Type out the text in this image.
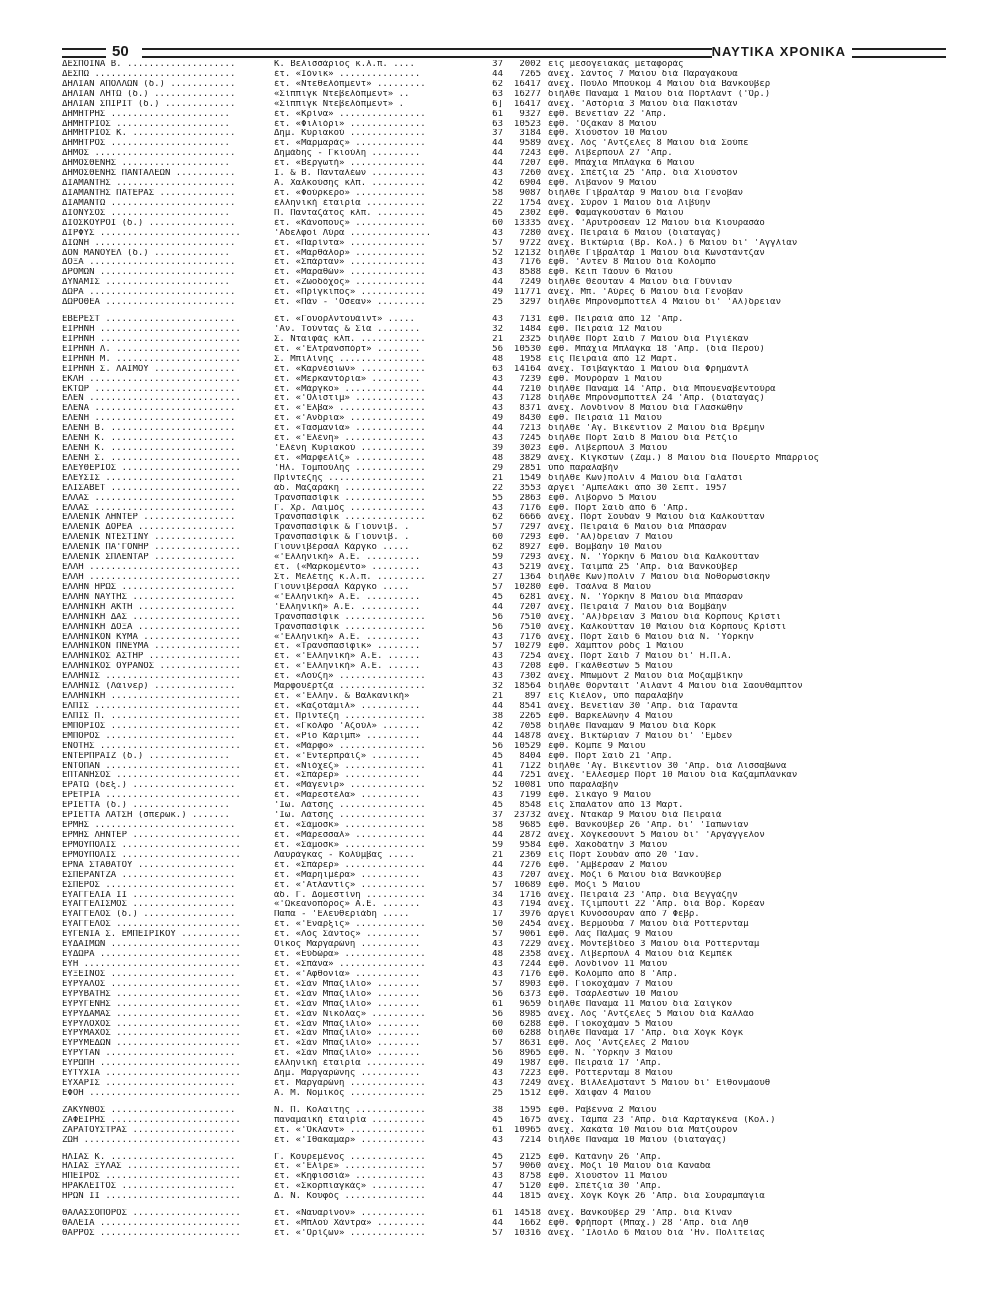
50	ΝΑΥΤΙΚΑ ΧΡΟΝΙΚΑ
ΔΕΣΠΟΙΝΑ Β. ....................	Κ. Βελισσάριος κ.λ.π. ....	37	2002 εἰς μεσογειακάς μεταφοράς
ΔΕΣΠΩ ..........................	ἑτ. «Ἰόνικ» ...............	44	7265 ἀνεχ. Σάντος 7 Μαΐου διά Παραγάκουα
ΔΗΛΙΑΝ ΑΠΟΛΛΩΝ (δ.) ............	ἑτ. «Ντεθελόπμεντ» .........	62	16417 ἀνεχ. Πούλο Μπούκομ 4 Μαΐου διά Βανκούβερ
ΔΗΛΙΑΝ ΛΗΤΩ (δ.) ...............	«Σίππιγκ Ντεβελόπμεντ» ..	63	16277 διῆλθε Παναμᾶ 1 Μαΐου διά Πόρτλαντ ('Όρ.)
ΔΗΛΙΑΝ ΣΠΙΡΙΤ (δ.) .............	«Σίππιγκ Ντεβελόπμεντ» .	6]	16417 ἀνεχ. 'Αστόρια 3 Μαΐου διά Πακιστάν
ΔΗΜΗΤΡΗΣ ......................	ἑτ. «Κρίνα» ................	61	9327 ἐφθ. Βενετίαν 22 'Απρ.
ΔΗΜΗΤΡΙΟΣ .....................	ἑτ. «Φιλιόρι» ..............	63	10523 ἐφθ. 'Οζάκαν 8 Μαΐου
ΔΗΜΗΤΡΙΟΣ Κ. ...................	Δημ. Κυριακού ..............	37	3184 ἐφθ. Χιούστον 10 Μαΐου
ΔΗΜΗΤΡΟΣ ......................	ἑτ. «Μαρμαράς» .............	44	9589 ἀνεχ. Λὸς 'Αντζελες 8 Μαΐου διά Σούπε
ΔΗΜΟΣ ..........................	Δημάδης - Γκιούλη .........	44	7243 ἐφθ. Λίβερπουλ 27 'Απρ.
ΔΗΜΟΣΘΕΝΗΣ ....................	ἑτ. «Βεργωτή» ..............	44	7207 ἐφθ. Μπάχια Μπλάγκα 6 Μαΐου
ΔΗΜΟΣΘΕΝΗΣ ΠΑΝΤΑΛΕΩΝ ...........	Ι. & Β. Πανταλέων ..........	43	7260 ἀνεχ. Σπέτζια 25 'Απρ. διά Χιούστον
ΔΙΑΜΑΝΤΗΣ ......................	Α. Χαλκούσης κλπ. ..........	42	6904 ἐφθ. Λιβανον 9 Μαΐου
ΔΙΑΜΑΝΤΗΣ ΠΑΤΕΡΑΣ ..............	ἑτ. «Φούρκερο» .............	58	9087 διῆλθε Γιβραλτάρ 9 Μαΐου διά Γένοβαν
ΔΙΑΜΑΝΤΩ .......................	ἑλληνική ἑταιρία ...........	22	1754 ἀνεχ. Σύρον 1 Μαΐου διά Λιβύην
ΔΙΟΝΥΣΟΣ ......................	Π. Πανταζάτος κλπ. .........	45	2302 ἐφθ. Φαμαγκούσταν 6 Μαΐου
ΔΙΟΣΚΟΥΡΟΙ (δ.) ................	ἑτ. «Κάνοπους» .............	60	13335 ἀνεχ. 'Αρυτρόσεαν 12 Μαΐου διά Κιουρασάο
ΔΙΡΦΥΣ ..........................	'Αδελφοί Λύρα ...............	43	7280 ἀνεχ. Πειραιά 6 Μαΐου (διαταγάς)
ΔΙΩΝΗ ..........................	ἑτ. «Παρίντα» ..............	57	9722 ἀνεχ. Βικτώρια (Βρ. Κολ.) 6 Μαΐου δι' 'Αγγλίαν
ΔΟΝ ΜΑΝΟΥΕΛ (δ.) ..............	ἑτ. «Μαρθάλορ» .............	52	12132 διῆλθε Γιβραλτάρ 1 Μαΐου διά Κωνστάντζαν
ΔΟΞΑ ...........................	ἑτ. «Σπάρταν» ..............	43	7176 ἐφθ. 'Αντεν 8 Μαΐου διά Κολόμπο
ΔΡΟΜΩΝ .........................	ἑτ. «Μαραθών» ..............	43	8588 ἐφθ. Κέιπ Τάουν 6 Μαΐου
ΔΥΝΑΜΙΣ .......................	ἑτ. «Ζωοδόχος» .............	44	7249 διῆλθε Θέουταν 4 Μαΐου διά Γδύνιαν
ΔΩΡΑ ...........................	ἑτ. «Πρίγκιπος» ............	49	11771 ἀνεχ. Μπ. 'Αύρες 6 Μαΐου διά Γένοβαν
ΔΩΡΟΘΕΑ ........................	ἑτ. «Πάν - 'Οσεαν» .........	25	3297 διῆλθε Μπρόνσμποττελ 4 Μαΐου δι' 'Αλ)δρειαν
ΕΒΕΡΕΣΤ ........................	ἑτ. «Γουορλντουάϊντ» .....	43	7131 ἐφθ. Πειραιά ἀπό 12 'Απρ.
ΕΙΡΗΝΗ ..........................	'Αν. Τούντας & Σία ........	32	1484 ἐφθ. Πειραιά 12 Μαΐου
ΕΙΡΗΝΗ ..........................	Σ. Νταϊφάς κλπ. ............	21	2325 διῆλθε Πόρτ Σαΐδ 7 Μαΐου διά Ριγιέκαν
ΕΙΡΗΝΗ Λ. .......................	ἑτ. «'Ελτρανσπόρτ» ........	56	10530 ἐφθ. Μπάχια Μπλάγκα 18 'Απρ. (διά Περού)
ΕΙΡΗΝΗ Μ. .......................	Σ. Μπιλίνης ................	48	1958 εἰς Πειραιά ἀπό 12 Μαρτ.
ΕΙΡΗΝΗ Σ. ΛΑΙΜΟΥ ...............	ἑτ. «Καρνέσιων» ............	63	14164 ἀνεχ. Τσιβαγκτάο 1 Μαΐου διά Φρημάντλ
ΕΚΛΗ ............................	ἑτ. «Μερκαντόρια» .........	43	7239 ἐφθ. Μουρόραν 1 Μαΐου
ΕΚΤΩΡ ..........................	ἑτ. «Μάργκο» ...............	44	7210 διῆλθε Παναμᾶ 14 'Απρ. διά Μπουεναβεντούρα
ΕΛΕΝ ............................	ἑτ. «'Ολιστιμ» .............	43	7128 διῆλθε Μπρόνσμποττελ 24 'Απρ. (διαταγάς)
ΕΛΕΝΑ ..........................	ἑτ. «'Ελβα» ................	43	8371 ἀνεχ. Λονδίνον 8 Μαΐου διά Γλασκώθην
ΕΛΕΝΗ ..........................	ἑτ. «'Ανδρια» ..............	49	8430 ἐφθ. Πειραιά 11 Μαΐου
ΕΛΕΝΗ Β. .......................	ἑτ. «Τασμανία» .............	44	7213 διῆλθε 'Αγ. Βικέντιον 2 Μαΐου διά Βρέμην
ΕΛΕΝΗ Κ. .......................	ἑτ. «'Ελένη» ...............	43	7245 διῆλθε Πόρτ Σαΐδ 8 Μαΐου διά Ρέτζιο
ΕΛΕΝΗ Κ. .......................	'Ελένη Κυριακού ............	39	3023 ἐφθ. Λίβερπουλ 3 Μαΐου
ΕΛΕΝΗ Σ. ........................	ἑτ. «Μαρφελίζ» .............	48	3829 ἀνεχ. Κίγκστων (Ζαμ.) 8 Μαΐου διά Πουέρτο Μπάρριος
ΕΛΕΥΘΕΡΙΟΣ ......................	'Ηλ. Τομπούλης .............	29	2851 ὑπό παραλαβήν
ΕΛΕΥΣΙΣ ........................	Πρίντεζης ..................	21	1549 διῆλθε Κων)πολιν 4 Μαΐου διά Γαλάτσι
ΕΛΙΣΑΒΕΤ ........................	ἀδ. Μαζαράκη ...............	22	3553 ἀργεῖ 'Αμπελάκι ἀπό 30 Σεπτ. 1957
ΕΛΛΑΣ ..........................	Τρανσπασίφικ ...............	55	2863 ἐφθ. Λιβόρνο 5 Μαΐου
ΕΛΛΑΣ ..........................	Γ. Χρ. Λαιμός ..............	43	7176 ἐφθ. Πόρτ Σαΐδ ἀπό 6 'Απρ.
ΕΛΛΕΝΙΚ ΛΗΝΤΕΡ .................	Τρανσπασίφικ ...............	62	6666 ἀνεχ. Πόρτ Σουδάν 9 Μαΐου διά Καλκούτταν
ΕΛΛΕΝΙΚ ΔΟΡΕΑ ..................	Τρανσπασίφικ & Γιουνιβ. .	57	7297 ἀνεχ. Πειραιά 6 Μαΐου διά Μπάσραν
ΕΛΛΕΝΙΚ ΝΤΕΣΤΙΝΥ ...............	Τρανσπασίφικ & Γιουνιβ. .	60	7293 ἐφθ. 'Αλ)δρειαν 7 Μαΐου
ΕΛΛΕΝΙΚ ΠΑ'ΓΟΝΗΡ ................	Γιουνιβέρσαλ Κάργκο .....	62	8927 ἐφθ. Βομβάην 10 Μαΐου
ΕΛΛΕΝΙΚ ΣΠΛΕΝΤΑΡ ...............	«'Ελληνική» Α.Ε. ..........	59	7293 ἀνεχ. Ν. 'Υόρκην 6 Μαΐου διά Καλκούτταν
ΕΛΛΗ ............................	ἑτ. («Μαρκομέντο» .........	43	5219 ἀνεχ. Ταϊμπά 25 'Απρ. διά Βανκούβερ
ΕΛΛΗ ............................	Στ. Μελέτης κ.λ.π. .........	27	1364 διῆλθε Κων)πολιν 7 Μαΐου διά Νοθορωσίσκην
ΕΛΛΗΝ ΗΡΩΣ .....................	Γιουνιβέρσαλ Κάργκο .....	57	10280 ἐφθ. Τσάλνα 8 Μαΐου
ΕΛΛΗΝ ΝΑΥΤΗΣ ...................	«'Ελληνική» Α.Ε. ..........	45	6281 ἀνεχ. Ν. 'Υόρκην 8 Μαΐου διά Μπάσραν
ΕΛΛΗΝΙΚΗ ΑΚΤΗ ..................	'Ελληνική» Α.Ε. ...........	44	7207 ἀνεχ. Πειραιά 7 Μαΐου διά Βομβάην
ΕΛΛΗΝΙΚΗ ΔΑΣ ....................	Τρανσπασίφικ ...............	56	7510 ἀνεχ. 'Αλ)δρειαν 3 Μαΐου διά Κόρπους Κρίστι
ΕΛΛΗΝΙΚΗ ΔΟΞΑ ...................	Τρανσπασίφικ ...............	56	7510 ἀνεχ. Καλκούτταν 10 Μαΐου διά Κόρπους Κρίστι
ΕΛΛΗΝΙΚΟΝ ΚΥΜΑ ..................	«'Ελληνική» Α.Ε. ..........	43	7176 ἀνεχ. Πόρτ Σαΐδ 6 Μαΐου διά Ν. 'Υόρκην
ΕΛΛΗΝΙΚΟΝ ΠΝΕΥΜΑ ................	ἑτ. «Τρανσπασίφικ» ........	57	10279 ἐφθ. Χάμπτον ρόδς 1 Μαΐου
ΕΛΛΗΝΙΚΟΣ ΑΣΤΗΡ .................	ἑτ. «'Ελληνική» Α.Ε. ......	43	7254 ἀνεχ. Πόρτ Σαΐδ 7 Μαΐου δι' Η.Π.Α.
ΕΛΛΗΝΙΚΟΣ ΟΥΡΑΝΟΣ ...............	ἑτ. «'Ελληνική» Α.Ε. ......	43	7208 ἐφθ. Γκάλθεστων 5 Μαΐου
ΕΛΛΗΝΙΣ .........................	ἑτ. «Λούζη» ................	43	7302 ἀνεχ. Μπωμόντ 2 Μαΐου διά Μοζαμβίκην
ΕΛΛΗΝΙΣ (Λάϊνερ) ...............	Μαρφουέρτζα ................	32	18564 διῆλθε Θόρνταιτ 'Αϊλαντ 4 Μαΐου διά Σαουθάμπτον
ΕΛΛΗΝΙΚΗ ........................	ἑτ. «'Ελλην. & Βαλκανική»	21	897 εἰς Κιέλον, ὑπό παραλαβήν
ΕΛΠΙΣ ...........................	ἑτ. «Καζοτάμιλ» ...........	44	8541 ἀνεχ. Βενετίαν 30 'Απρ. διά Τάραντα
ΕΛΠΙΣ Π. ........................	ἑτ. Πρίντεζη ...............	38	2265 ἐφθ. Βαρκελώνην 4 Μαΐου
ΕΜΠΟΡΙΟΣ ........................	ἑτ. «Γκόλφο 'Αζούλ» .......	42	7058 διῆλθε Παναμᾶν 9 Μαΐου διά Κόρκ
ΕΜΠΟΡΟΣ ........................	ἑτ. «Ρίο Κάριμπ» ..........	44	14878 ἀνεχ. Βικτώριαν 7 Μαΐου δι' 'Εμδεν
ΕΝΟΤΗΣ ..........................	ἑτ. «Μάρφο» ................	56	10529 ἐφθ. Κόμπε 9 Μαΐου
ΕΝΤΕΡΠΡΑΪΖ (δ.) ...............	ἑτ. «'Εντερπράιζ» .........	45	8404 ἐφθ. Πόρτ Σαΐδ 21 'Απρ.
ΕΝΤΟΠΑΝ .........................	ἑτ. «Νιόχεζ» ...............	41	7122 διῆλθε 'Αγ. Βικέντιον 30 'Απρ. διά Λισσαβῶνα
ΕΠΤΑΝΗΣΟΣ .......................	ἑτ. «Σπάρερ» ..............	44	7251 ἀνεχ. 'Ελλεσμερ Πόρτ 10 Μαΐου διά Καζαμπλάνκαν
ΕΡΑΤΩ (δεξ.) ...................	ἑτ. «Μάγενιρ» ..............	52	10081 ὑπό παραλαβήν
ΕΡΕΤΡΙΑ .........................	ἑτ. «Μαρεστέλα» ...........	43	7199 ἐφθ. Σικάγο 9 Μαΐου
ΕΡΙΕΤΤΑ (δ.) ..................	'Ιω. Λάτσης ................	45	8548 εἰς Σπαλάτον ἀπό 13 Μαρτ.
ΕΡΙΕΤΤΑ ΛΑΤΣΗ (σπερωκ.) .......	'Ιω. Λάτσης ................	37	23732 ἀνεχ. Ντακάρ 9 Μαΐου διά Πειραιά
ΕΡΜΗΣ ..........................	ἑτ. «Σάμοσκ» ...............	58	9685 ἐφθ. Βανκούβερ 26 'Απρ. δι' 'Ιαπωνίαν
ΕΡΜΗΣ ΛΗΝΤΕΡ ....................	ἑτ. «Μάρεσσαλ» .............	44	2872 ἀνεχ. Χόγκεσουντ 5 Μαΐου δι' 'Αργάγγελον
ΕΡΜΟΥΠΟΛΙΣ ......................	ἑτ. «Σάμοσκ» ...............	59	9584 ἐφθ. Χακοδάτην 3 Μαΐου
ΕΡΜΟΥΠΟΛΙΣ ......................	Λαυράγκας - Κολύμβας .....	21	2369 εἰς Πόρτ Σουδάν ἀπό 20 'Ιαν.
ΕΡΝΑ ΣΤΑΘΑΤΟΥ ..................	ἑτ. «Σπάρερ» ...............	44	7276 ἐφθ. 'Αμβέρσαν 2 Μαΐου
ΕΣΠΕΡΑΝΤΖΑ .....................	ἑτ. «Μαρηιμέρα» ...........	43	7207 ἀνεχ. Μόζι 6 Μαΐου διά Βανκούβερ
ΕΣΠΕΡΟΣ ........................	ἑτ. «'Ατλαντίς» ............	57	10689 ἐφθ. Μόζι 5 Μαΐου
ΕΥΑΓΓΕΛΙΑ ΙΙ ...................	ἀδ. Γ. Δομεστίνη ...........	34	1716 ἀνεχ. Πειραιά 23 'Απρ. διά Βεγγάζην
ΕΥΑΓΓΕΛΙΣΜΟΣ ...................	«'Ωκεανοπόρος» Α.Ε. .......	43	7194 ἀνεχ. Τζιμπουτί 22 'Απρ. διά Βόρ. Κορέαν
ΕΥΑΓΓΕΛΟΣ (δ.) .................	Παπᾶ - 'Ελευθεριάδη .....	17	3976 ἀργεῖ Κυνόσουραν ἀπό 7 Φεβρ.
ΕΥΑΓΓΕΛΟΣ .......................	ἑτ. «'Εναρξις» .............	50	2454 ἀνεχ. Βερμούδα 7 Μαΐου διά Ρόττερνταμ
ΕΥΓΕΝΙΑ Σ. ΕΜΠΕΙΡΙΚΟΥ ...........	ἑτ. «Λὸς Σάντος» ..........	57	9061 ἐφθ. Λὰς Πάλμας 9 Μαΐου
ΕΥΔΑΙΜΩΝ ........................	Οἶκος Μαργαρώνη ...........	43	7229 ἀνεχ. Μοντεβίδεο 3 Μαΐου διά Ρόττερνταμ
ΕΥΔΩΡΑ ..........................	ἑτ. «Εὐδώρα» ...............	48	2358 ἀνεχ. Λίβερπουλ 4 Μαΐου διά Κεμπέκ
ΕΥΗ .............................	ἑτ. «Σπάνα» ................	43	7244 ἐφθ. Λονδίνον 11 Μαΐου
ΕΥΞΕΙΝΟΣ .......................	ἑτ. «'Αφθονία» ............	43	7176 ἐφθ. Κολόμπο ἀπό 8 'Απρ.
ΕΥΡΥΑΛΟΣ ........................	ἑτ. «Σὰν Μπαζίλιο» ........	57	8903 ἐφθ. Γιοκοχάμαν 7 Μαΐου
ΕΥΡΥΒΑΤΗΣ .......................	ἑτ. «Σὰν Μπαζίλιο» ........	56	6373 ἐφθ. Τσάρλεστων 10 Μαΐου
ΕΥΡΥΓΕΝΗΣ .......................	ἑτ. «Σὰν Μπαζίλιο» ........	61	9659 διῆλθε Παναμᾶ 11 Μαΐου διά Σαϊγκόν
ΕΥΡΥΔΑΜΑΣ .......................	ἑτ. «Σὰν Νικόλας» ..........	56	8985 ἀνεχ. Λὸς 'Αντζελες 5 Μαΐου διά Καλλάο
ΕΥΡΥΛΟΧΟΣ .......................	ἑτ. «Σὰν Μπαζίλιο» ........	60	6288 ἐφθ. Γιοκοχάμαν 5 Μαΐου
ΕΥΡΥΜΑΧΟΣ .......................	ἑτ. «Σὰν Μπαζίλιο» ........	60	6288 διῆλθε Παναμᾶ 17 'Απρ. διά Χὸγκ Κὸγκ
ΕΥΡΥΜΕΔΩΝ .......................	ἑτ. «Σὰν Μπαζίλιο» ........	57	8631 ἐφθ. Λὸς 'Αντζελες 2 Μαΐου
ΕΥΡΥΤΑΝ ........................	ἑτ. «Σὰν Μπαζίλιο» ........	56	8965 ἐφθ. Ν. 'Υόρκην 3 Μαΐου
ΕΥΡΩΠΗ ..........................	ἑλληνική ἑταιρία ...........	49	1987 ἐφθ. Πειραιά 17 'Απρ.
ΕΥΤΥΧΙΑ .........................	Δημ. Μαργαρώνης ...........	43	7223 ἐφθ. Ρόττερνταμ 8 Μαΐου
ΕΥΧΑΡΙΣ ........................	ἑτ. Μαργαρώνη ..............	43	7249 ἀνεχ. Βίλλελμσταντ 5 Μαΐου δι' Εἰθονμάουθ
ΕΦΟΗ ............................	Α. Μ. Νομικός ..............	25	1512 ἐφθ. Χάϊφαν 4 Μαΐου
ΖΑΚΥΝΘΟΣ .......................	Ν. Π. Κολαΐτης .............	38	1595 ἐφθ. Ραβέννα 2 Μαΐου
ΖΑΦΕΙΡΗΣ ........................	παναμαϊκή ἑταιρία ..........	45	1675 ἀνεχ. Τάμπα 23 'Απρ. διά Καρταγκένα (Κολ.)
ΖΑΡΑΤΟΥΣΤΡΑΣ ...................	ἑτ. «'Όκλαντ» ..............	61	10965 ἀνεχ. Χακάτα 10 Μαΐου διά Ματζούρον
ΖΩΗ .............................	ἑτ. «'Ιθακαμαρ» ............	43	7214 διῆλθε Παναμᾶ 10 Μαΐου (διαταγάς)
ΗΛΙΑΣ Κ. .......................	Γ. Κουρεμένος ..............	45	2125 ἐφθ. Κατάνην 26 'Απρ.
ΗΛΙΑΣ ΞΥΛΑΣ .....................	ἑτ. «'Ελίρε» ...............	57	9060 ἀνεχ. Μόζι 10 Μαΐου διά Καναδᾶ
ΗΠΕΙΡΟΣ .........................	ἑτ. «Κηφισσιά» .............	43	8758 ἐφθ. Χιούστον 11 Μαΐου
ΗΡΑΚΛΕΙΤΟΣ .....................	ἑτ. «Σκορπιαγκάς» ..........	47	5120 ἐφθ. Σπέτζια 30 'Απρ.
ΗΡΩΝ ΙΙ .........................	Δ. Ν. Κουφός ...............	44	1815 ἀνεχ. Χὸγκ Κὸγκ 26 'Απρ. διά Σουραμπάγια
ΘΑΛΑΣΣΟΠΟΡΟΣ ....................	ἑτ. «Ναυαρίνον» ............	61	14518 ἀνεχ. Βανκούβερ 29 'Απρ. διά Κίναν
ΘΑΛΕΙΑ ..........................	ἑτ. «Μπλοὺ Χάντρα» .........	44	1662 ἐφθ. Φρήπορτ (Μπαχ.) 28 'Απρ. διά Λήθ
ΘΑΡΡΟΣ ..........................	ἑτ. «'Ορίζων» ..............	57	10316 ἀνεχ. 'Ιλοΐλο 6 Μαΐου διά 'Ην. Πολιτείας
